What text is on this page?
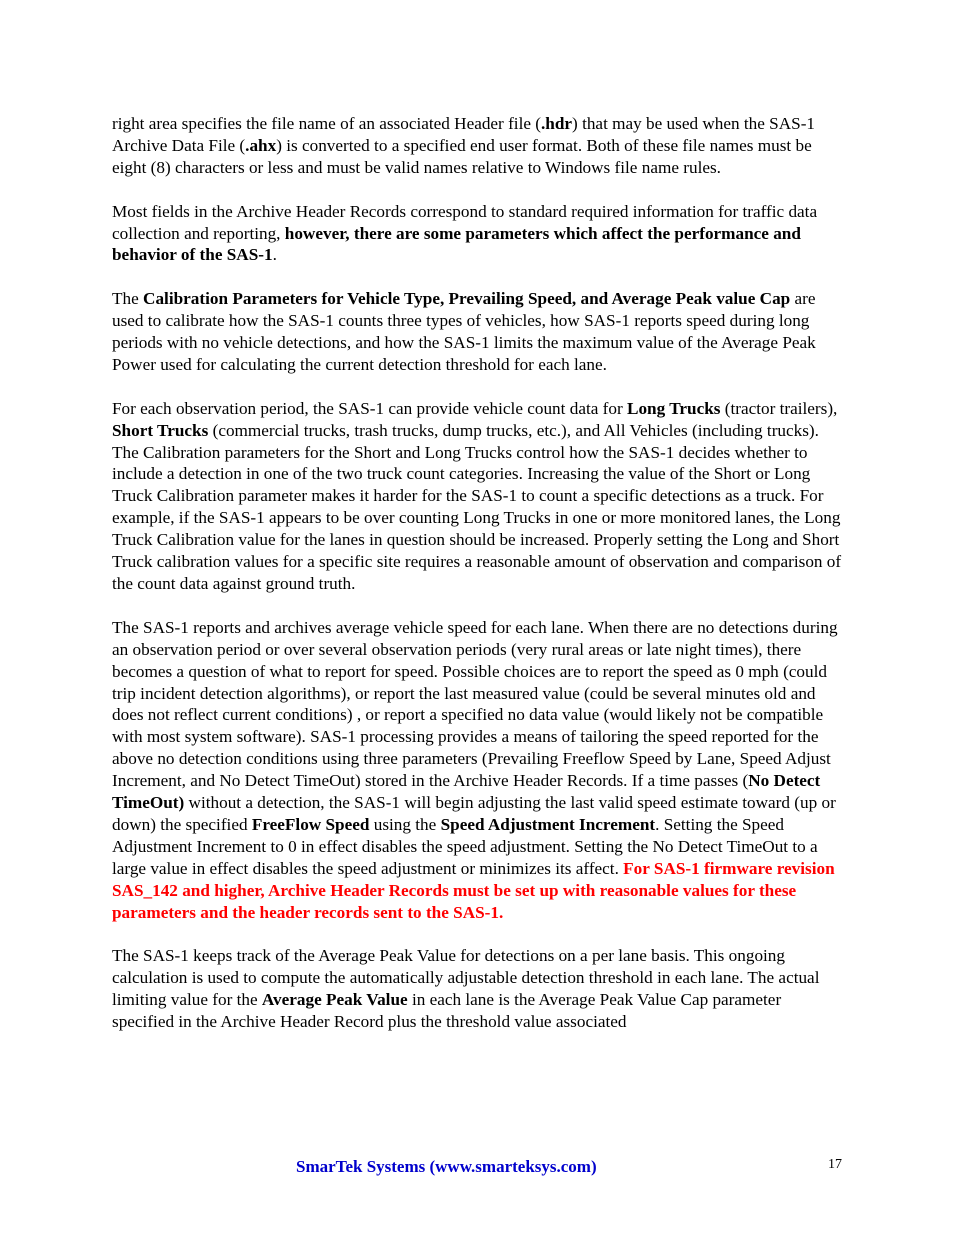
right area specifies the file name of an associated Header file (.hdr) that may be used when the SAS-1 Archive Data File (.ahx) is converted to a specified end user format. Both of these file names must be eight (8) characters or less and must be valid names relative to Windows file name rules.

Most fields in the Archive Header Records correspond to standard required information for traffic data collection and reporting, however, there are some parameters which affect the performance and behavior of the SAS-1.

The Calibration Parameters for Vehicle Type, Prevailing Speed, and Average Peak value Cap are used to calibrate how the SAS-1 counts three types of vehicles, how SAS-1 reports speed during long periods with no vehicle detections, and how the SAS-1 limits the maximum value of the Average Peak Power used for calculating the current detection threshold for each lane.

For each observation period, the SAS-1 can provide vehicle count data for Long Trucks (tractor trailers), Short Trucks (commercial trucks, trash trucks, dump trucks, etc.), and All Vehicles (including trucks). The Calibration parameters for the Short and Long Trucks control how the SAS-1 decides whether to include a detection in one of the two truck count categories. Increasing the value of the Short or Long Truck Calibration parameter makes it harder for the SAS-1 to count a specific detections as a truck. For example, if the SAS-1 appears to be over counting Long Trucks in one or more monitored lanes, the Long Truck Calibration value for the lanes in question should be increased. Properly setting the Long and Short Truck calibration values for a specific site requires a reasonable amount of observation and comparison of the count data against ground truth.

The SAS-1 reports and archives average vehicle speed for each lane. When there are no detections during an observation period or over several observation periods (very rural areas or late night times), there becomes a question of what to report for speed. Possible choices are to report the speed as 0 mph (could trip incident detection algorithms), or report the last measured value (could be several minutes old and does not reflect current conditions) , or report a specified no data value (would likely not be compatible with most system software). SAS-1 processing provides a means of tailoring the speed reported for the above no detection conditions using three parameters (Prevailing Freeflow Speed by Lane, Speed Adjust Increment, and No Detect TimeOut) stored in the Archive Header Records. If a time passes (No Detect TimeOut) without a detection, the SAS-1 will begin adjusting the last valid speed estimate toward (up or down) the specified FreeFlow Speed using the Speed Adjustment Increment. Setting the Speed Adjustment Increment to 0 in effect disables the speed adjustment. Setting the No Detect TimeOut to a large value in effect disables the speed adjustment or minimizes its affect. For SAS-1 firmware revision SAS_142 and higher, Archive Header Records must be set up with reasonable values for these parameters and the header records sent to the SAS-1.

The SAS-1 keeps track of the Average Peak Value for detections on a per lane basis. This ongoing calculation is used to compute the automatically adjustable detection threshold in each lane. The actual limiting value for the Average Peak Value in each lane is the Average Peak Value Cap parameter specified in the Archive Header Record plus the threshold value associated

SmarTek Systems (www.smarteksys.com)	17
